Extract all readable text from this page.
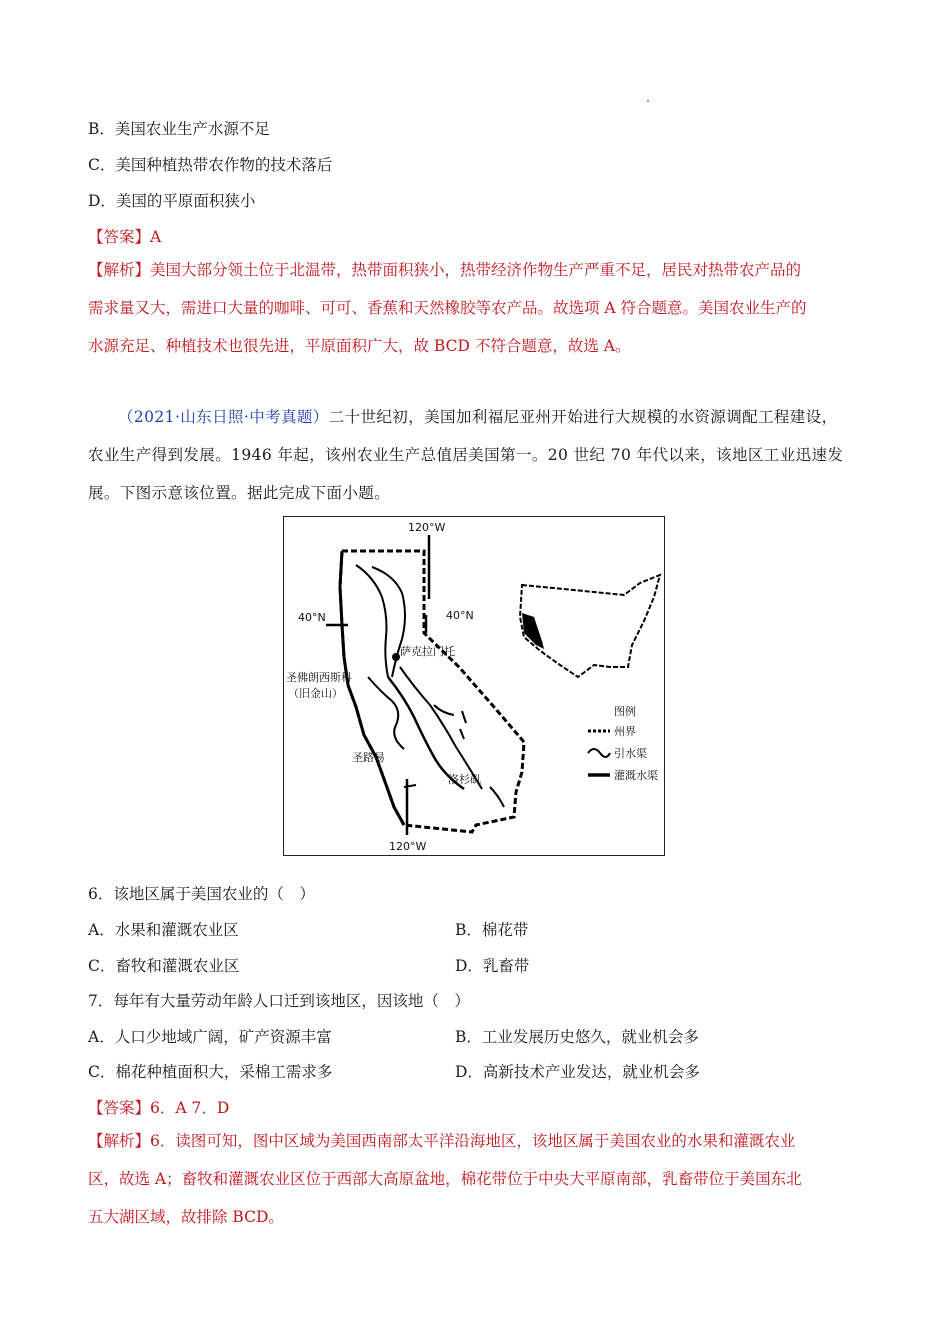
B．美国农业生产水源不足
C．美国种植热带农作物的技术落后
D．美国的平原面积狭小
【答案】A
【解析】美国大部分领土位于北温带，热带面积狭小，热带经济作物生产严重不足，居民对热带农产品的
需求量又大，需进口大量的咖啡、可可、香蕉和天然橡胶等农产品。故选项 A 符合题意。美国农业生产的
水源充足、种植技术也很先进，平原面积广大，故 BCD 不符合题意，故选 A。
（2021·山东日照·中考真题）二十世纪初，美国加利福尼亚州开始进行大规模的水资源调配工程建设，
农业生产得到发展。1946 年起，该州农业生产总值居美国第一。20 世纪 70 年代以来，该地区工业迅速发
展。下图示意该位置。据此完成下面小题。
120°W
120°W
40°N	40°N
萨克拉门托
圣佛朗西斯科
（旧金山）
圣路易
洛杉矶
图例
州界
引水渠
灌溉水渠
6．该地区属于美国农业的（　）
A．水果和灌溉农业区	B．棉花带
C．畜牧和灌溉农业区	D．乳畜带
7．每年有大量劳动年龄人口迁到该地区，因该地（　）
A．人口少地域广阔，矿产资源丰富	B．工业发展历史悠久，就业机会多
C．棉花种植面积大，采棉工需求多	D．高新技术产业发达，就业机会多
【答案】6．A 7．D
【解析】6．读图可知，图中区域为美国西南部太平洋沿海地区，该地区属于美国农业的水果和灌溉农业
区，故选 A；畜牧和灌溉农业区位于西部大高原盆地，棉花带位于中央大平原南部，乳畜带位于美国东北
五大湖区域，故排除 BCD。
